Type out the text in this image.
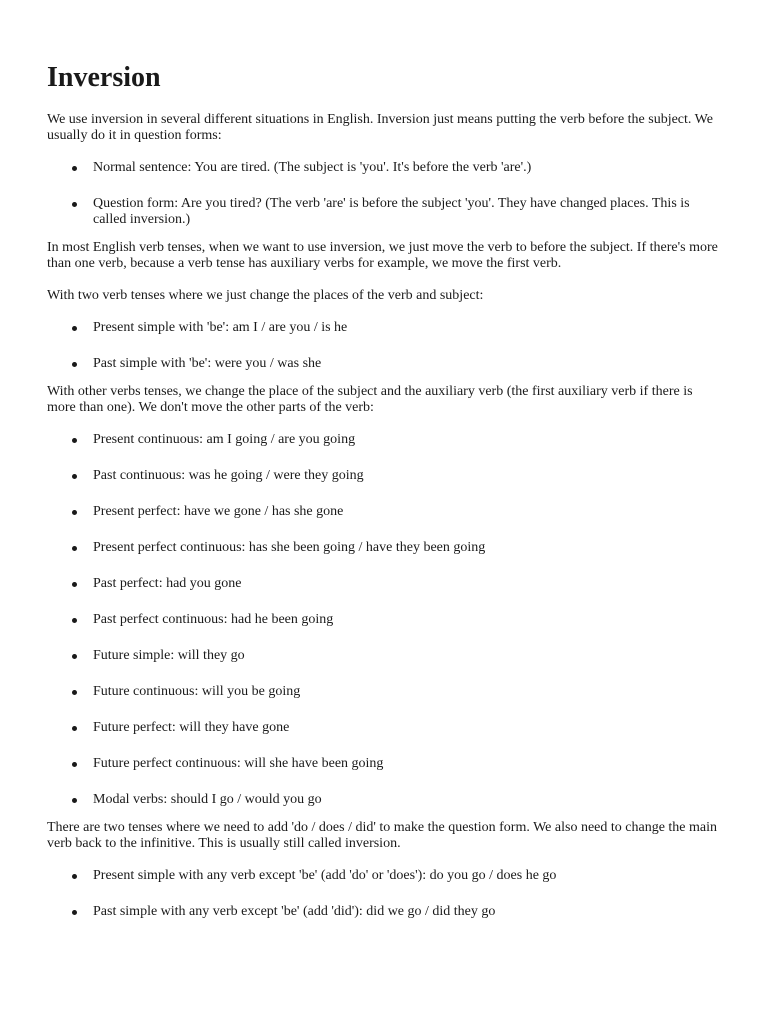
Inversion

We use inversion in several different situations in English. Inversion just means putting the verb before the subject. We usually do it in question forms:

Normal sentence: You are tired. (The subject is 'you'. It's before the verb 'are'.)
Question form: Are you tired? (The verb 'are' is before the subject 'you'. They have changed places. This is called inversion.)

In most English verb tenses, when we want to use inversion, we just move the verb to before the subject. If there's more than one verb, because a verb tense has auxiliary verbs for example, we move the first verb.

With two verb tenses where we just change the places of the verb and subject:

Present simple with 'be': am I / are you / is he
Past simple with 'be': were you / was she

With other verbs tenses, we change the place of the subject and the auxiliary verb (the first auxiliary verb if there is more than one). We don't move the other parts of the verb:

Present continuous: am I going / are you going
Past continuous: was he going / were they going
Present perfect: have we gone / has she gone
Present perfect continuous: has she been going / have they been going
Past perfect: had you gone
Past perfect continuous: had he been going
Future simple: will they go
Future continuous: will you be going
Future perfect: will they have gone
Future perfect continuous: will she have been going
Modal verbs: should I go / would you go

There are two tenses where we need to add 'do / does / did' to make the question form. We also need to change the main verb back to the infinitive. This is usually still called inversion.

Present simple with any verb except 'be' (add 'do' or 'does'): do you go / does he go
Past simple with any verb except 'be' (add 'did'): did we go / did they go
